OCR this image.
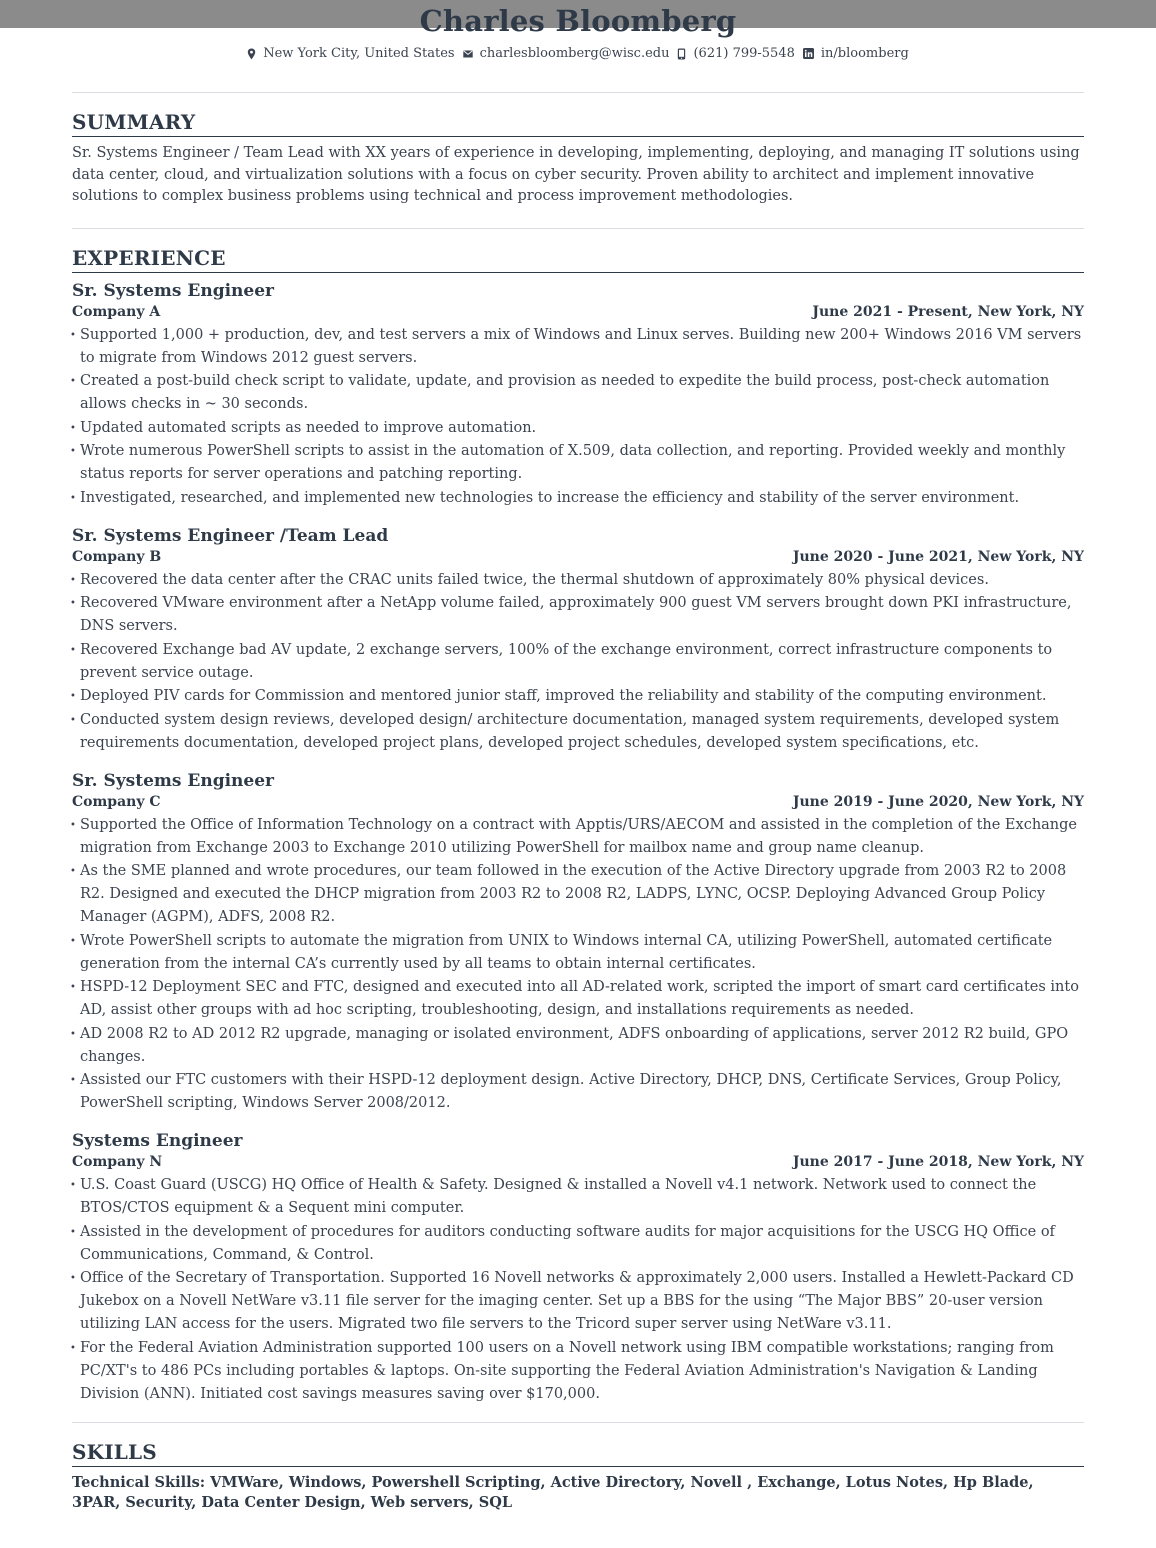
Charles Bloomberg
New York City, United States charlesbloomberg@wisc.edu (621) 799-5548 in/bloomberg
SUMMARY

Sr. Systems Engineer / Team Lead with XX years of experience in developing, implementing, deploying, and managing IT solutions using data center, cloud, and virtualization solutions with a focus on cyber security. Proven ability to architect and implement innovative solutions to complex business problems using technical and process improvement methodologies.

EXPERIENCE
Sr. Systems Engineer
Company A	June 2021 - Present, New York, NY
• Supported 1,000 + production, dev, and test servers a mix of Windows and Linux serves. Building new 200+ Windows 2016 VM servers to migrate from Windows 2012 guest servers.
• Created a post-build check script to validate, update, and provision as needed to expedite the build process, post-check automation allows checks in ~ 30 seconds.
• Updated automated scripts as needed to improve automation.
• Wrote numerous PowerShell scripts to assist in the automation of X.509, data collection, and reporting. Provided weekly and monthly status reports for server operations and patching reporting.
• Investigated, researched, and implemented new technologies to increase the efficiency and stability of the server environment.
Sr. Systems Engineer /Team Lead
Company B	June 2020 - June 2021, New York, NY
• Recovered the data center after the CRAC units failed twice, the thermal shutdown of approximately 80% physical devices.
• Recovered VMware environment after a NetApp volume failed, approximately 900 guest VM servers brought down PKI infrastructure, DNS servers.
• Recovered Exchange bad AV update, 2 exchange servers, 100% of the exchange environment, correct infrastructure components to prevent service outage.
• Deployed PIV cards for Commission and mentored junior staff, improved the reliability and stability of the computing environment.
• Conducted system design reviews, developed design/ architecture documentation, managed system requirements, developed system requirements documentation, developed project plans, developed project schedules, developed system specifications, etc.
Sr. Systems Engineer
Company C	June 2019 - June 2020, New York, NY
• Supported the Office of Information Technology on a contract with Apptis/URS/AECOM and assisted in the completion of the Exchange migration from Exchange 2003 to Exchange 2010 utilizing PowerShell for mailbox name and group name cleanup.
• As the SME planned and wrote procedures, our team followed in the execution of the Active Directory upgrade from 2003 R2 to 2008 R2. Designed and executed the DHCP migration from 2003 R2 to 2008 R2, LADPS, LYNC, OCSP. Deploying Advanced Group Policy Manager (AGPM), ADFS, 2008 R2.
• Wrote PowerShell scripts to automate the migration from UNIX to Windows internal CA, utilizing PowerShell, automated certificate generation from the internal CA’s currently used by all teams to obtain internal certificates.
• HSPD-12 Deployment SEC and FTC, designed and executed into all AD-related work, scripted the import of smart card certificates into AD, assist other groups with ad hoc scripting, troubleshooting, design, and installations requirements as needed.
• AD 2008 R2 to AD 2012 R2 upgrade, managing or isolated environment, ADFS onboarding of applications, server 2012 R2 build, GPO changes.
• Assisted our FTC customers with their HSPD-12 deployment design. Active Directory, DHCP, DNS, Certificate Services, Group Policy, PowerShell scripting, Windows Server 2008/2012.
Systems Engineer
Company N	June 2017 - June 2018, New York, NY
• U.S. Coast Guard (USCG) HQ Office of Health & Safety. Designed & installed a Novell v4.1 network. Network used to connect the BTOS/CTOS equipment & a Sequent mini computer.
• Assisted in the development of procedures for auditors conducting software audits for major acquisitions for the USCG HQ Office of Communications, Command, & Control.
• Office of the Secretary of Transportation. Supported 16 Novell networks & approximately 2,000 users. Installed a Hewlett-Packard CD Jukebox on a Novell NetWare v3.11 file server for the imaging center. Set up a BBS for the using “The Major BBS” 20-user version utilizing LAN access for the users. Migrated two file servers to the Tricord super server using NetWare v3.11.
• For the Federal Aviation Administration supported 100 users on a Novell network using IBM compatible workstations; ranging from PC/XT's to 486 PCs including portables & laptops. On-site supporting the Federal Aviation Administration's Navigation & Landing Division (ANN). Initiated cost savings measures saving over $170,000.
SKILLS

Technical Skills: VMWare, Windows, Powershell Scripting, Active Directory, Novell , Exchange, Lotus Notes, Hp Blade, 3PAR, Security, Data Center Design, Web servers, SQL
